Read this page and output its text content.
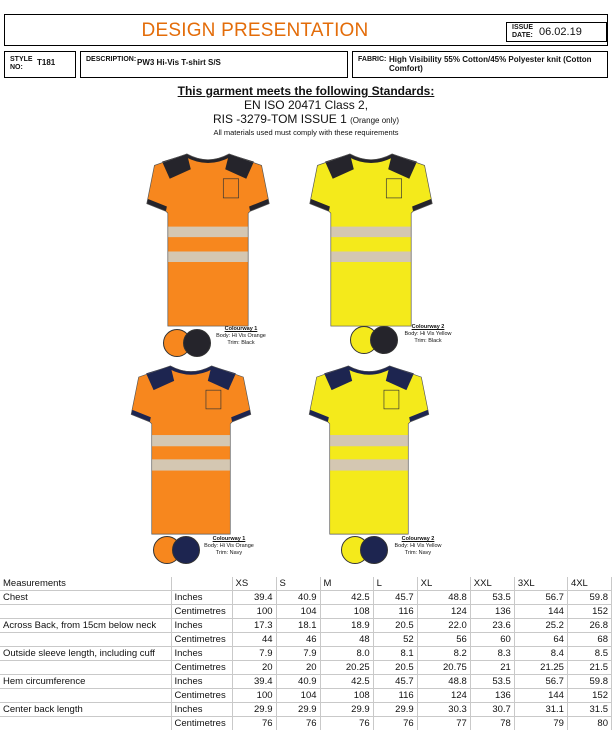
DESIGN PRESENTATION	ISSUE DATE: 06.02.19
STYLE NO:
T181	DESCRIPTION: PW3 Hi-Vis T-shirt S/S	FABRIC: High Visibility 55% Cotton/45% Polyester knit (Cotton Comfort)
This garment meets the following Standards:
EN ISO 20471 Class 2,
RIS -3279-TOM ISSUE 1 (Orange only)
All materials used must comply with these requirements
Colourway 1
Body: Hi Vis Orange
Trim: Black
Colourway 2
Body: Hi Vis Yellow
Trim: Black
Colourway 1
Body: Hi Vis Orange
Trim: Navy
Colourway 2
Body: Hi Vis Yellow
Trim: Navy
Measurements		XS	S	M	L	XL	XXL	3XL	4XL
Chest	Inches	39.4	40.9	42.5	45.7	48.8	53.5	56.7	59.8
	Centimetres	100	104	108	116	124	136	144	152
Across Back, from 15cm below neck	Inches	17.3	18.1	18.9	20.5	22.0	23.6	25.2	26.8
	Centimetres	44	46	48	52	56	60	64	68
Outside sleeve length, including cuff	Inches	7.9	7.9	8.0	8.1	8.2	8.3	8.4	8.5
	Centimetres	20	20	20.25	20.5	20.75	21	21.25	21.5
Hem circumference	Inches	39.4	40.9	42.5	45.7	48.8	53.5	56.7	59.8
	Centimetres	100	104	108	116	124	136	144	152
Center back length	Inches	29.9	29.9	29.9	29.9	30.3	30.7	31.1	31.5
	Centimetres	76	76	76	76	77	78	79	80
